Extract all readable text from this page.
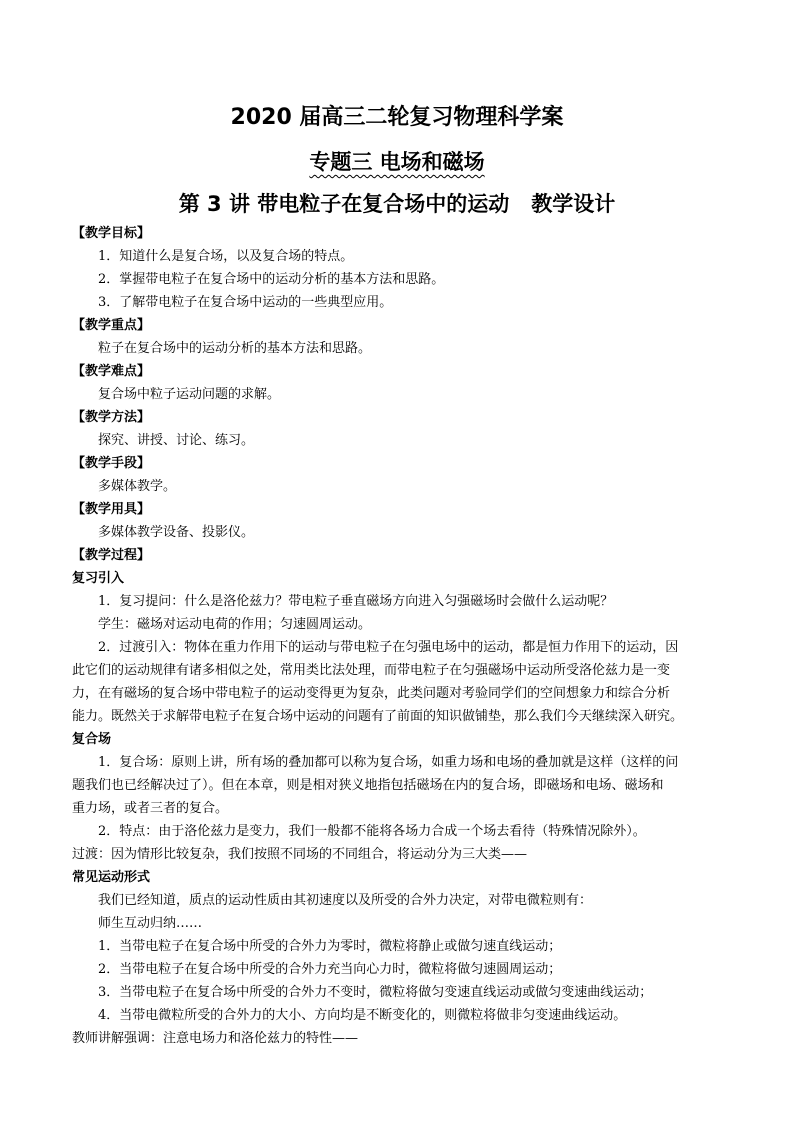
2020 届高三二轮复习物理科学案
专题三 电场和磁场
第 3 讲 带电粒子在复合场中的运动 教学设计
【教学目标】
1．知道什么是复合场，以及复合场的特点。
2．掌握带电粒子在复合场中的运动分析的基本方法和思路。
3．了解带电粒子在复合场中运动的一些典型应用。
【教学重点】
粒子在复合场中的运动分析的基本方法和思路。
【教学难点】
复合场中粒子运动问题的求解。
【教学方法】
探究、讲授、讨论、练习。
【教学手段】
多媒体教学。
【教学用具】
多媒体教学设备、投影仪。
【教学过程】
复习引入
1．复习提问：什么是洛伦兹力？带电粒子垂直磁场方向进入匀强磁场时会做什么运动呢？
学生：磁场对运动电荷的作用；匀速圆周运动。
2．过渡引入：物体在重力作用下的运动与带电粒子在匀强电场中的运动，都是恒力作用下的运动，因
此它们的运动规律有诸多相似之处，常用类比法处理，而带电粒子在匀强磁场中运动所受洛伦兹力是一变
力，在有磁场的复合场中带电粒子的运动变得更为复杂，此类问题对考验同学们的空间想象力和综合分析
能力。既然关于求解带电粒子在复合场中运动的问题有了前面的知识做铺垫，那么我们今天继续深入研究。
复合场
1．复合场：原则上讲，所有场的叠加都可以称为复合场，如重力场和电场的叠加就是这样（这样的问
题我们也已经解决过了）。但在本章，则是相对狭义地指包括磁场在内的复合场，即磁场和电场、磁场和
重力场，或者三者的复合。
2．特点：由于洛伦兹力是变力，我们一般都不能将各场力合成一个场去看待（特殊情况除外）。
过渡：因为情形比较复杂，我们按照不同场的不同组合，将运动分为三大类——
常见运动形式
我们已经知道，质点的运动性质由其初速度以及所受的合外力决定，对带电微粒则有：
师生互动归纳……
1．当带电粒子在复合场中所受的合外力为零时，微粒将静止或做匀速直线运动；
2．当带电粒子在复合场中所受的合外力充当向心力时，微粒将做匀速圆周运动；
3．当带电粒子在复合场中所受的合外力不变时，微粒将做匀变速直线运动或做匀变速曲线运动；
4．当带电微粒所受的合外力的大小、方向均是不断变化的，则微粒将做非匀变速曲线运动。
教师讲解强调：注意电场力和洛伦兹力的特性——
